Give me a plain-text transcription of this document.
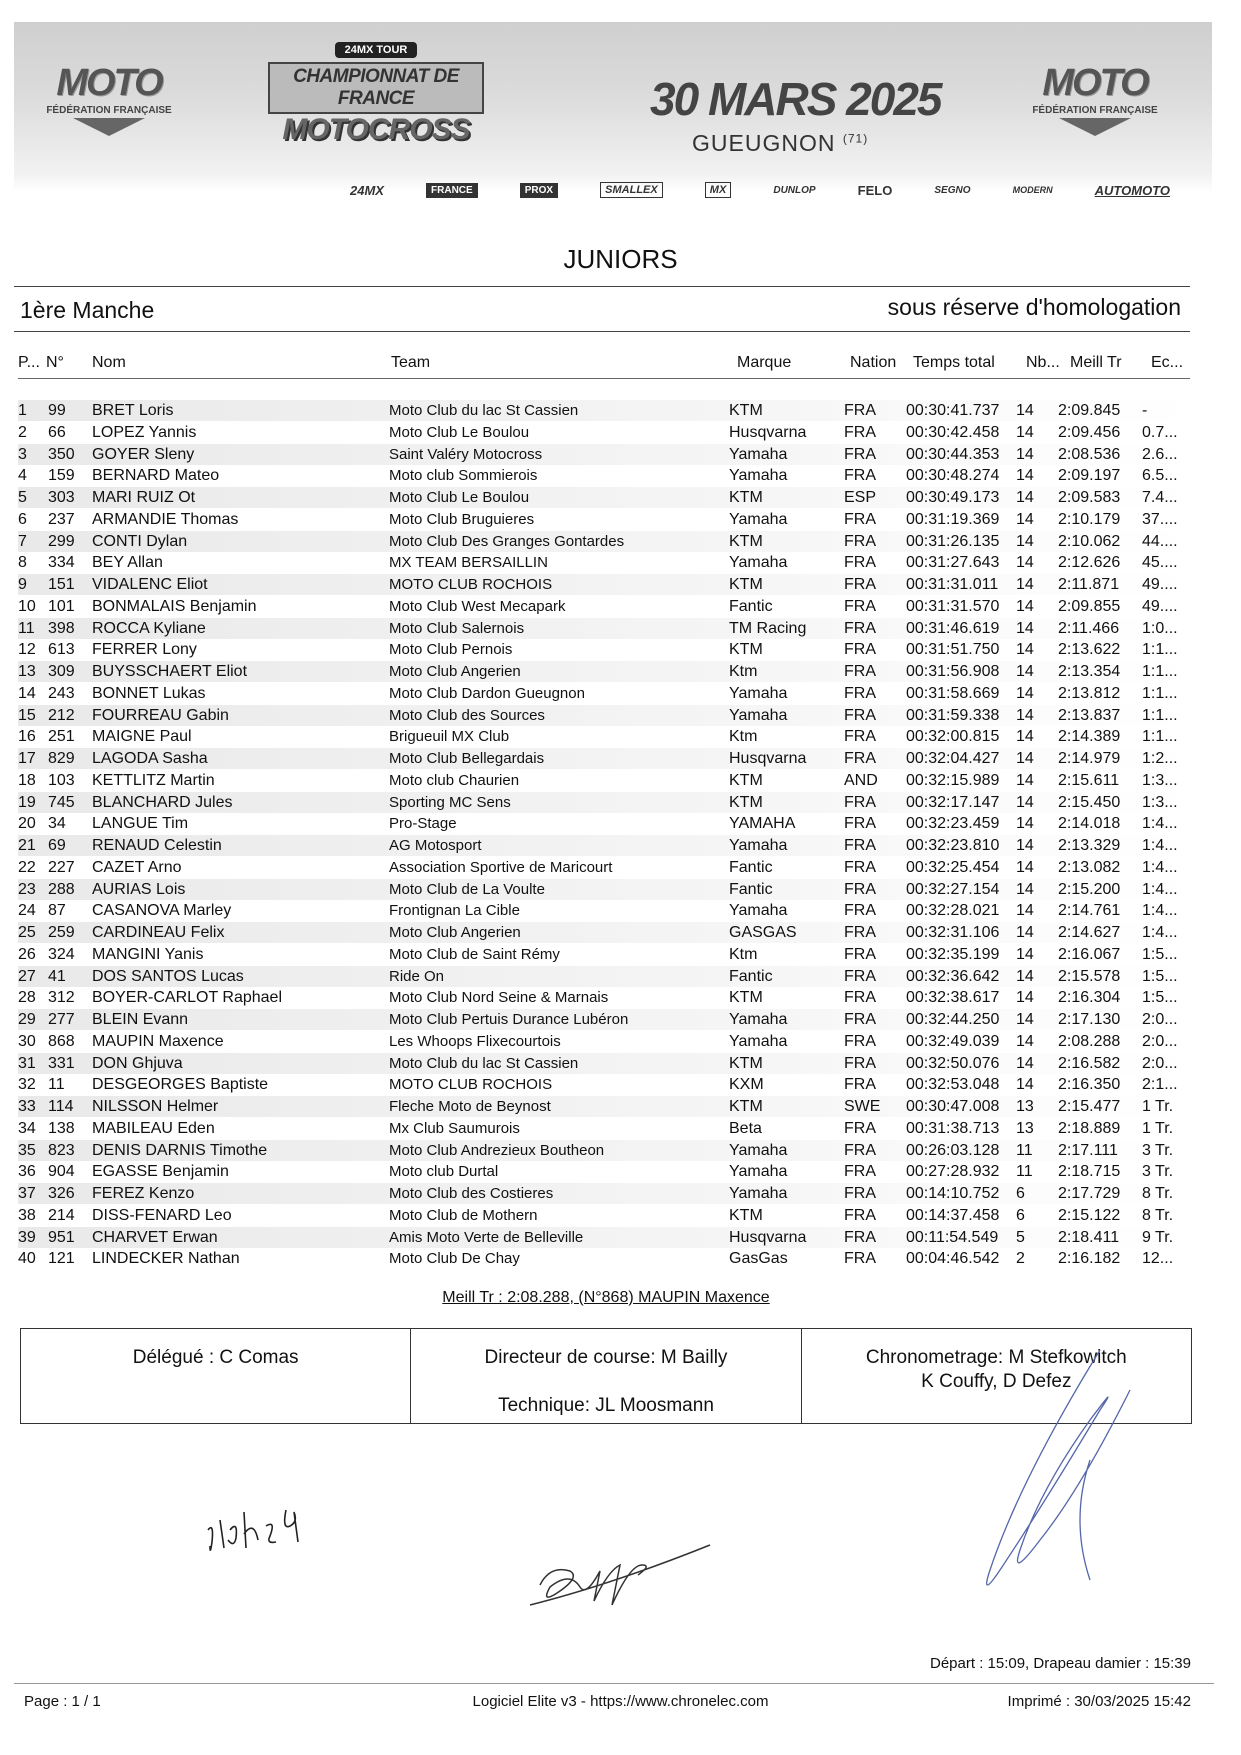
MOTO
FÉDÉRATION FRANÇAISE
24MX TOUR
CHAMPIONNAT DE FRANCE
MOTOCROSS
30 MARS 2025
GUEUGNON $^{(71)}$
MOTO
FÉDÉRATION FRANÇAISE
24MX	FRANCE	PROX	SMALLEX	MX	DUNLOP	FELO	SEGNO	MODERN	AUTOMOTO
JUNIORS
1ère Manche	sous réserve d'homologation
P... N° Nom	Team	Marque	Nation Temps total Nb... Meill Tr Ec...
1 99 BRET Loris	Moto Club du lac St Cassien	KTM	FRA 00:30:41.737 14 2:09.845 -
2 66 LOPEZ Yannis	Moto Club Le Boulou	Husqvarna FRA 00:30:42.458 14 2:09.456 0.7...
3 350 GOYER Sleny	Saint Valéry Motocross	Yamaha	FRA 00:30:44.353 14 2:08.536 2.6...
4 159 BERNARD Mateo	Moto club Sommierois	Yamaha	FRA 00:30:48.274 14 2:09.197 6.5...
5 303 MARI RUIZ Ot	Moto Club Le Boulou	KTM	ESP 00:30:49.173 14 2:09.583 7.4...
6 237 ARMANDIE Thomas	Moto Club Bruguieres	Yamaha	FRA 00:31:19.369 14 2:10.179 37....
7 299 CONTI Dylan	Moto Club Des Granges Gontardes	KTM	FRA 00:31:26.135 14 2:10.062 44....
8 334 BEY Allan	MX TEAM BERSAILLIN	Yamaha	FRA 00:31:27.643 14 2:12.626 45....
9 151 VIDALENC Eliot	MOTO CLUB ROCHOIS	KTM	FRA 00:31:31.011 14 2:11.871 49....
10 101 BONMALAIS Benjamin	Moto Club West Mecapark	Fantic	FRA 00:31:31.570 14 2:09.855 49....
11 398 ROCCA Kyliane	Moto Club Salernois	TM Racing FRA 00:31:46.619 14 2:11.466 1:0...
12 613 FERRER Lony	Moto Club Pernois	KTM	FRA 00:31:51.750 14 2:13.622 1:1...
13 309 BUYSSCHAERT Eliot	Moto Club Angerien	Ktm	FRA 00:31:56.908 14 2:13.354 1:1...
14 243 BONNET Lukas	Moto Club Dardon Gueugnon	Yamaha	FRA 00:31:58.669 14 2:13.812 1:1...
15 212 FOURREAU Gabin	Moto Club des Sources	Yamaha	FRA 00:31:59.338 14 2:13.837 1:1...
16 251 MAIGNE Paul	Brigueuil MX Club	Ktm	FRA 00:32:00.815 14 2:14.389 1:1...
17 829 LAGODA Sasha	Moto Club Bellegardais	Husqvarna FRA 00:32:04.427 14 2:14.979 1:2...
18 103 KETTLITZ Martin	Moto club Chaurien	KTM	AND 00:32:15.989 14 2:15.611 1:3...
19 745 BLANCHARD Jules	Sporting MC Sens	KTM	FRA 00:32:17.147 14 2:15.450 1:3...
20 34 LANGUE Tim	Pro-Stage	YAMAHA	FRA 00:32:23.459 14 2:14.018 1:4...
21 69 RENAUD Celestin	AG Motosport	Yamaha	FRA 00:32:23.810 14 2:13.329 1:4...
22 227 CAZET Arno	Association Sportive de Maricourt	Fantic	FRA 00:32:25.454 14 2:13.082 1:4...
23 288 AURIAS Lois	Moto Club de La Voulte	Fantic	FRA 00:32:27.154 14 2:15.200 1:4...
24 87 CASANOVA Marley	Frontignan La Cible	Yamaha	FRA 00:32:28.021 14 2:14.761 1:4...
25 259 CARDINEAU Felix	Moto Club Angerien	GASGAS	FRA 00:32:31.106 14 2:14.627 1:4...
26 324 MANGINI Yanis	Moto Club de Saint Rémy	Ktm	FRA 00:32:35.199 14 2:16.067 1:5...
27 41 DOS SANTOS Lucas	Ride On	Fantic	FRA 00:32:36.642 14 2:15.578 1:5...
28 312 BOYER-CARLOT Raphael	Moto Club Nord Seine & Marnais	KTM	FRA 00:32:38.617 14 2:16.304 1:5...
29 277 BLEIN Evann	Moto Club Pertuis Durance Lubéron	Yamaha	FRA 00:32:44.250 14 2:17.130 2:0...
30 868 MAUPIN Maxence	Les Whoops Flixecourtois	Yamaha	FRA 00:32:49.039 14 2:08.288 2:0...
31 331 DON Ghjuva	Moto Club du lac St Cassien	KTM	FRA 00:32:50.076 14 2:16.582 2:0...
32 11 DESGEORGES Baptiste	MOTO CLUB ROCHOIS	KXM	FRA 00:32:53.048 14 2:16.350 2:1...
33 114 NILSSON Helmer	Fleche Moto de Beynost	KTM	SWE 00:30:47.008 13 2:15.477 1 Tr.
34 138 MABILEAU Eden	Mx Club Saumurois	Beta	FRA 00:31:38.713 13 2:18.889 1 Tr.
35 823 DENIS DARNIS Timothe	Moto Club Andrezieux Boutheon	Yamaha	FRA 00:26:03.128 11 2:17.111 3 Tr.
36 904 EGASSE Benjamin	Moto club Durtal	Yamaha	FRA 00:27:28.932 11 2:18.715 3 Tr.
37 326 FEREZ Kenzo	Moto Club des Costieres	Yamaha	FRA 00:14:10.752 6 2:17.729 8 Tr.
38 214 DISS-FENARD Leo	Moto Club de Mothern	KTM	FRA 00:14:37.458 6 2:15.122 8 Tr.
39 951 CHARVET Erwan	Amis Moto Verte de Belleville	Husqvarna FRA 00:11:54.549 5 2:18.411 9 Tr.
40 121 LINDECKER Nathan	Moto Club De Chay	GasGas	FRA 00:04:46.542 2 2:16.182 12...
Meill Tr : 2:08.288, (N°868) MAUPIN Maxence
Délégué : C Comas	Directeur de course: M Bailly
Technique: JL Moosmann
Chronometrage: M Stefkowitch
K Couffy, D Defez
Départ : 15:09, Drapeau damier : 15:39
Page : 1 / 1	Logiciel Elite v3 - https://www.chronelec.com	Imprimé : 30/03/2025 15:42
